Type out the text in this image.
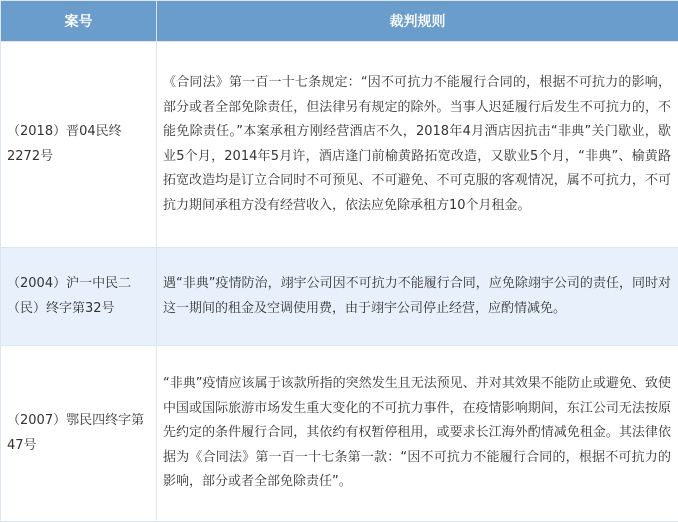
案号	裁判规则
（2018）晋04民终2272号	《合同法》第一百一十七条规定：“因不可抗力不能履行合同的，根据不可抗力的影响，部分或者全部免除责任，但法律另有规定的除外。当事人迟延履行后发生不可抗力的，不能免除责任。”本案承租方刚经营酒店不久，2018年4月酒店因抗击“非典”关门歇业，歇业5个月，2014年5月许，酒店逢门前榆黄路拓宽改造，又歇业5个月，“非典”、榆黄路拓宽改造均是订立合同时不可预见、不可避免、不可克服的客观情况，属不可抗力，不可抗力期间承租方没有经营收入，依法应免除承租方10个月租金。
（2004）沪一中民二（民）终字第32号	遇“非典”疫情防治，翊宇公司因不可抗力不能履行合同，应免除翊宇公司的责任，同时对这一期间的租金及空调使用费，由于翊宇公司停止经营，应酌情减免。
（2007）鄂民四终字第47号	“非典”疫情应该属于该款所指的突然发生且无法预见、并对其效果不能防止或避免、致使中国或国际旅游市场发生重大变化的不可抗力事件，在疫情影响期间，东江公司无法按原先约定的条件履行合同，其依约有权暂停租用，或要求长江海外酌情减免租金。其法律依据为《合同法》第一百一十七条第一款：“因不可抗力不能履行合同的，根据不可抗力的影响，部分或者全部免除责任”。
